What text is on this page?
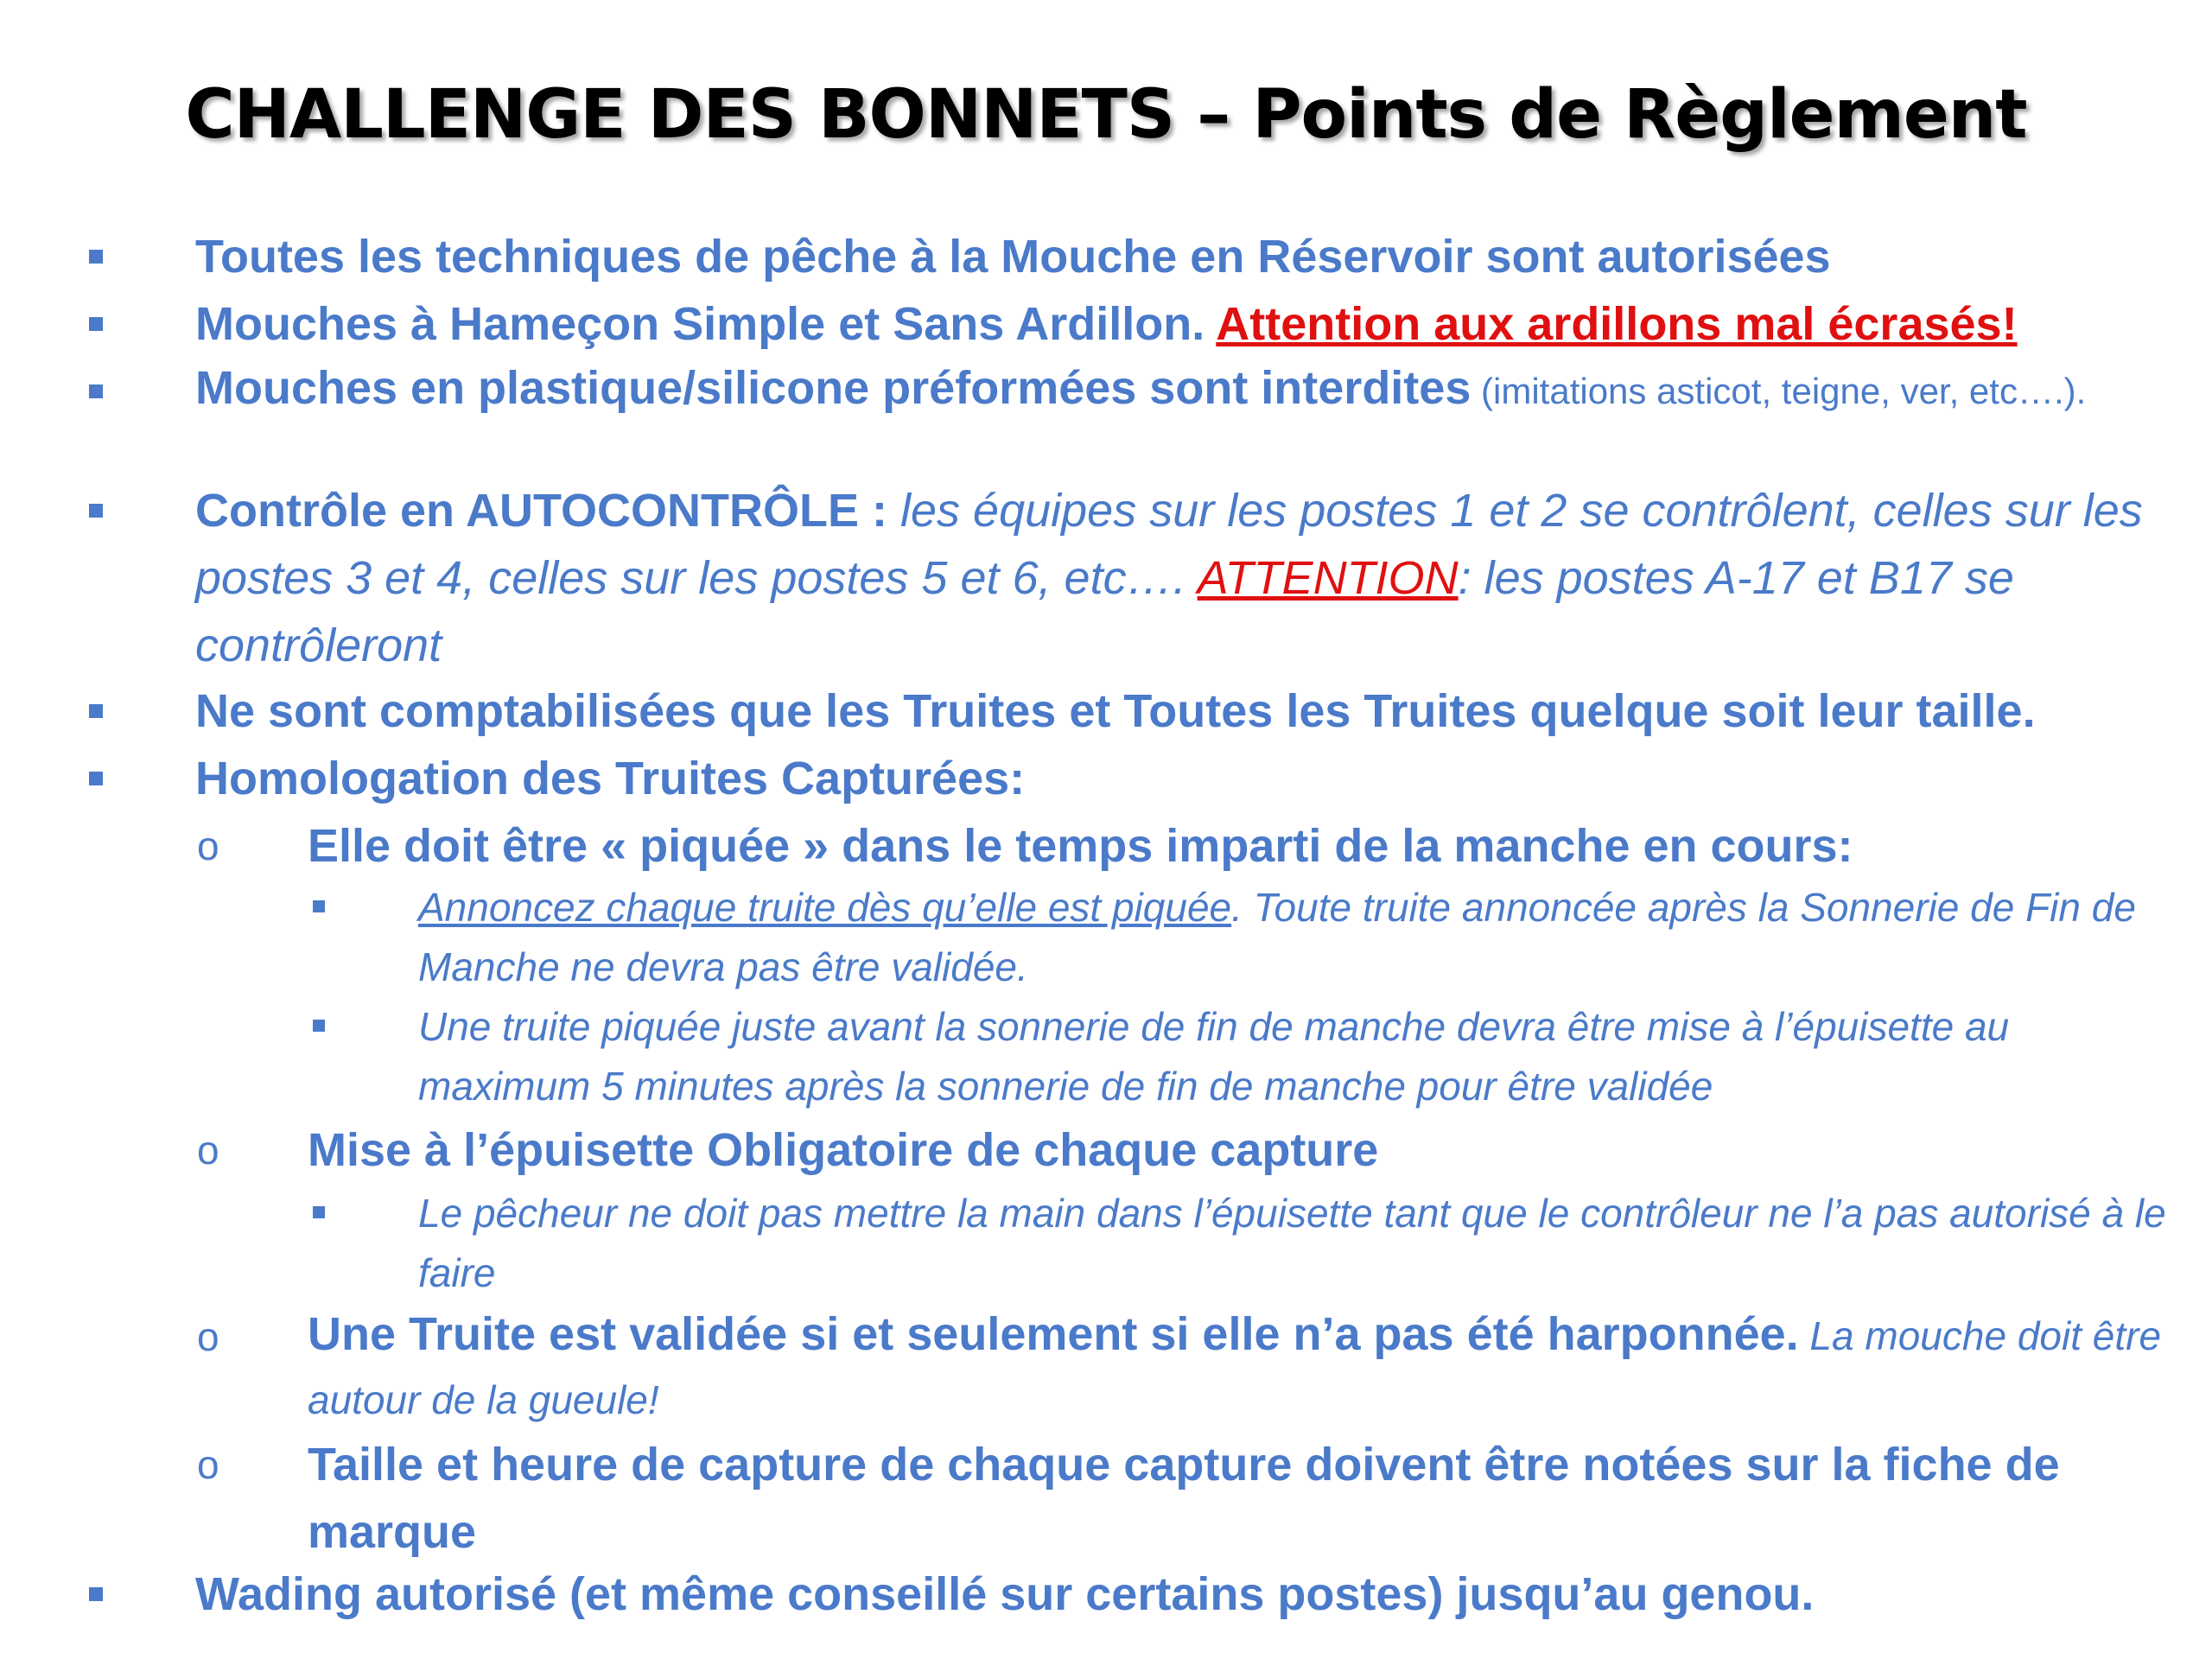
CHALLENGE DES BONNETS – Points de Règlement
Toutes les techniques de pêche à la Mouche en Réservoir sont autorisées
Mouches à Hameçon Simple et Sans Ardillon. Attention aux ardillons mal écrasés!
Mouches en plastique/silicone préformées sont interdites (imitations asticot, teigne, ver, etc….).
Contrôle en AUTOCONTRÔLE : les équipes sur les postes 1 et 2 se contrôlent, celles sur les postes 3 et 4, celles sur les postes 5 et 6, etc…. ATTENTION: les postes A-17 et B17 se contrôleront
Ne sont comptabilisées que les Truites et Toutes les Truites quelque soit leur taille.
Homologation des Truites Capturées:
o Elle doit être « piquée » dans le temps imparti de la manche en cours:
Annoncez chaque truite dès qu’elle est piquée. Toute truite annoncée après la Sonnerie de Fin de Manche ne devra pas être validée.
Une truite piquée juste avant la sonnerie de fin de manche devra être mise à l’épuisette au maximum 5 minutes après la sonnerie de fin de manche pour être validée
o Mise à l’épuisette Obligatoire de chaque capture
Le pêcheur ne doit pas mettre la main dans l’épuisette tant que le contrôleur ne l’a pas autorisé à le faire
o Une Truite est validée si et seulement si elle n’a pas été harponnée. La mouche doit être autour de la gueule!
o Taille et heure de capture de chaque capture doivent être notées sur la fiche de marque
Wading autorisé (et même conseillé sur certains postes) jusqu’au genou.
